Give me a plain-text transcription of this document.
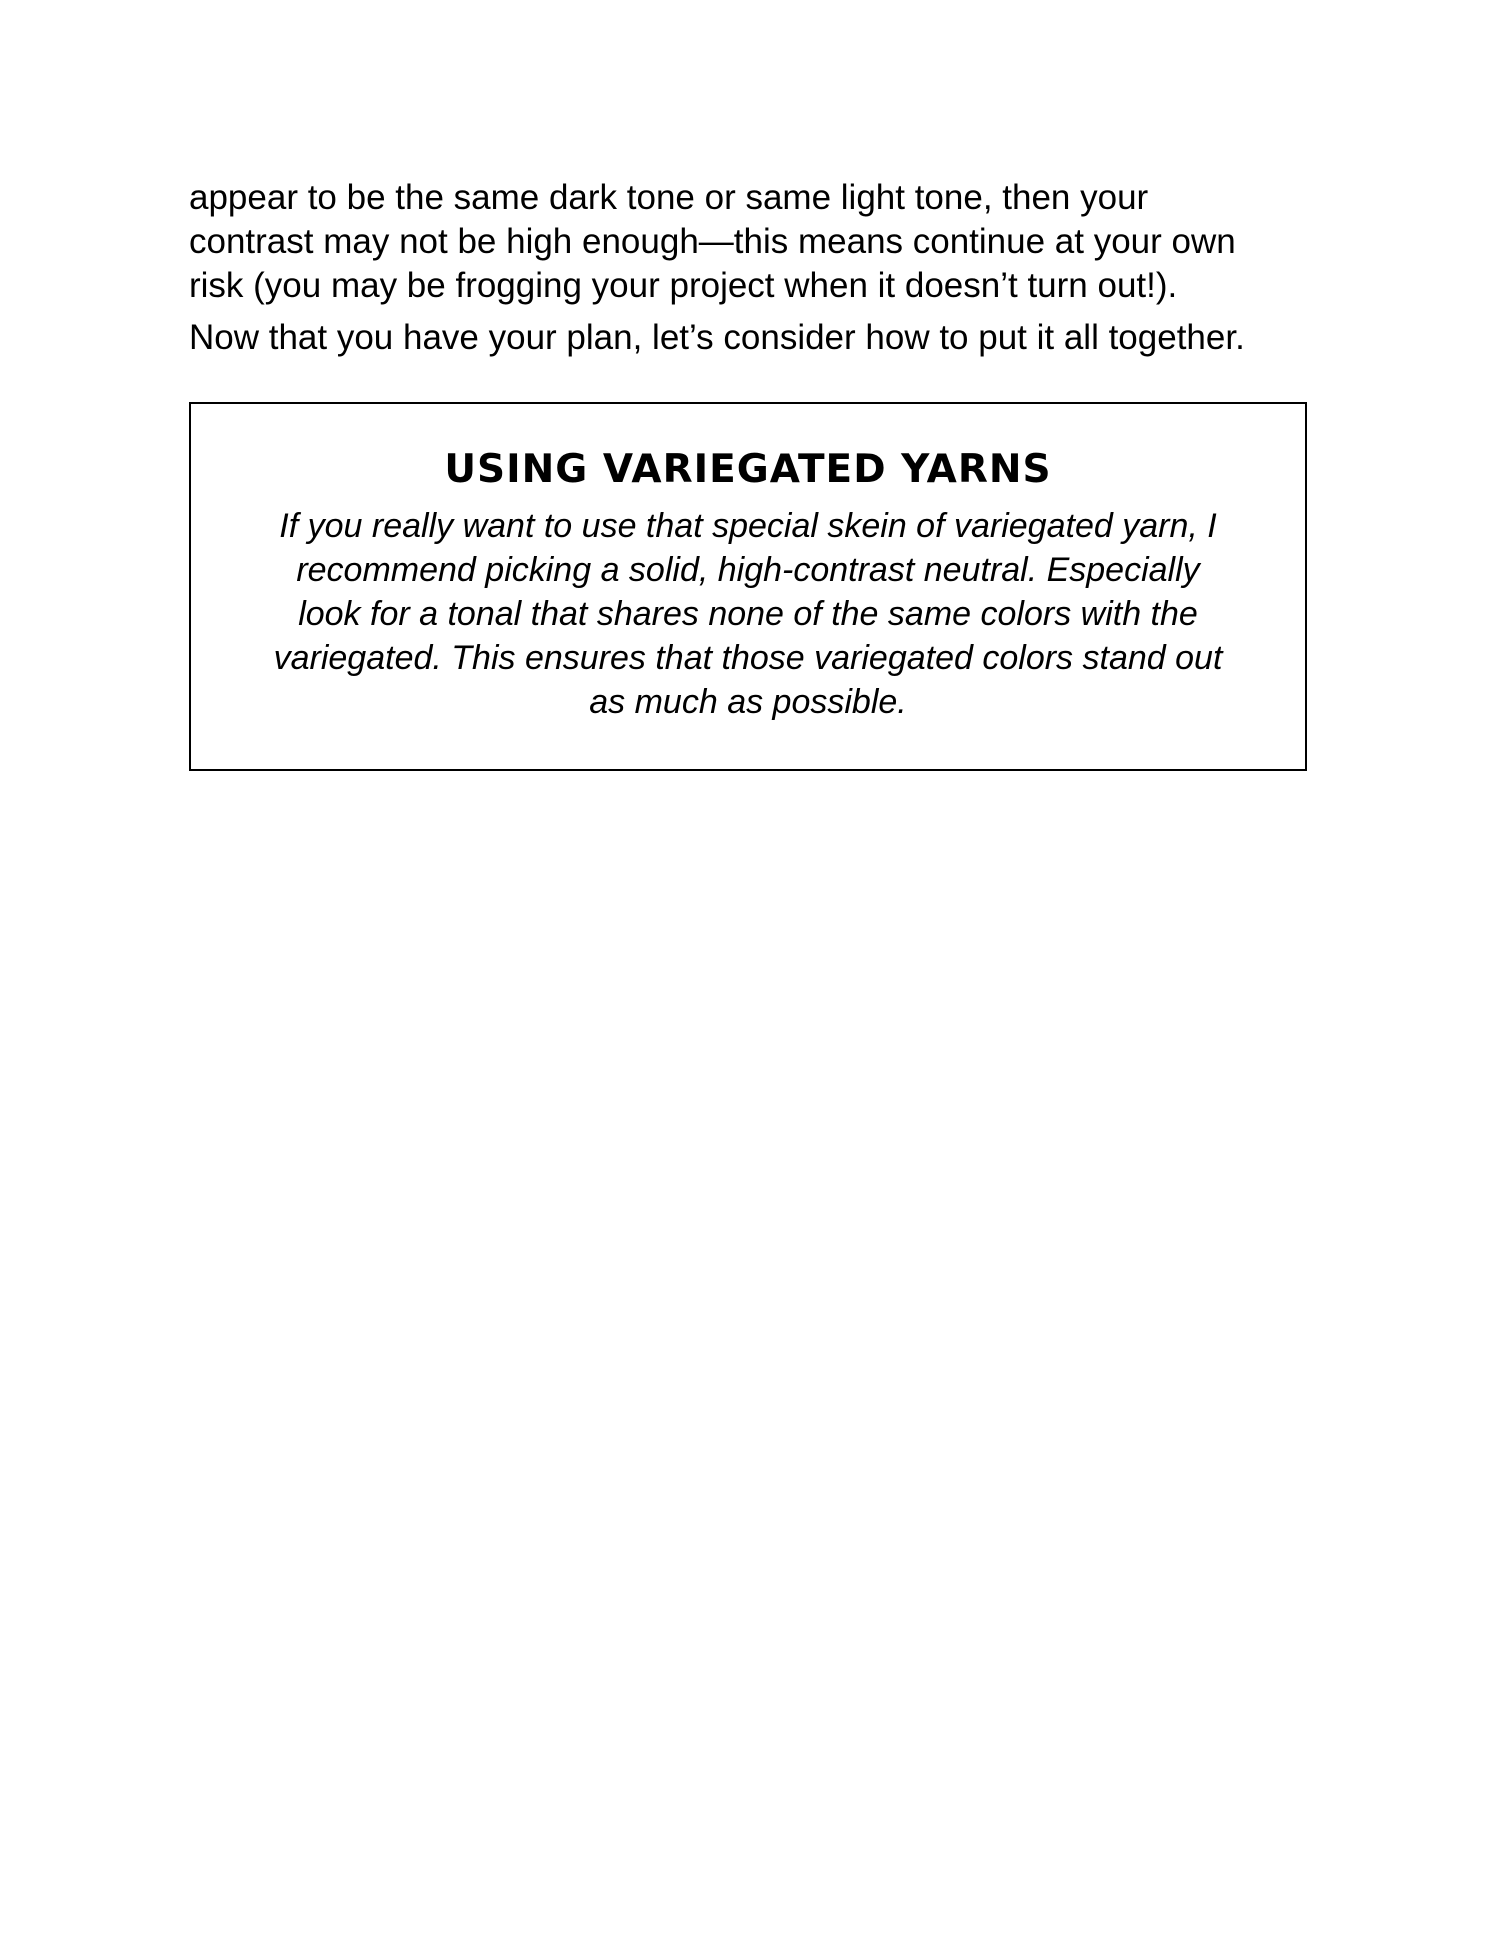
appear to be the same dark tone or same light tone, then your
contrast may not be high enough—this means continue at your own
risk (you may be frogging your project when it doesn’t turn out!).

Now that you have your plan, let’s consider how to put it all together.

USING VARIEGATED YARNS

If you really want to use that special skein of variegated yarn, I
recommend picking a solid, high-contrast neutral. Especially
look for a tonal that shares none of the same colors with the
variegated. This ensures that those variegated colors stand out
as much as possible.
